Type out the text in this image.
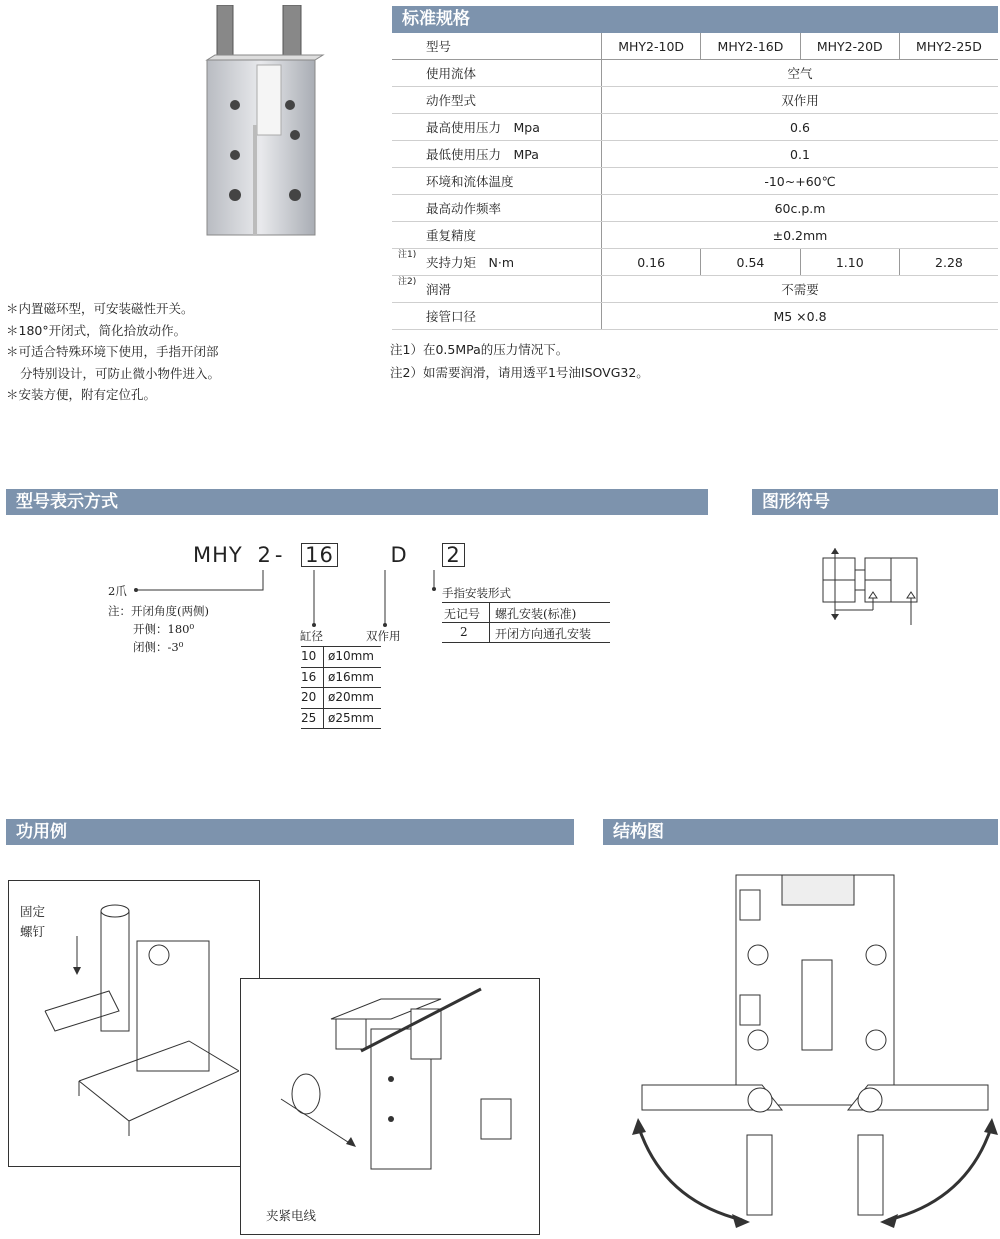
＊内置磁环型，可安装磁性开关。
＊180°开闭式，简化拾放动作。
＊可适合特殊环境下使用，手指开闭部分特别设计，可防止微小物件进入。
＊安装方便，附有定位孔。
标准规格
型号	MHY2-10D	MHY2-16D	MHY2-20D	MHY2-25D
使用流体	空气			
动作型式	双作用			
最高使用压力　Mpa	0.6			
最低使用压力　MPa	0.1			
环境和流体温度	-10~+60℃			
最高动作频率	60c.p.m			
重复精度	±0.2mm			

注1) 夹持力矩　N·m	0.16	0.54	1.10	2.28

注2) 润滑	不需要			
接管口径	M5 ×0.8			
注1）在0.5MPa的压力情况下。
注2）如需要润滑，请用透平1号油ISOVG32。
型号表示方式	图形符号
MHY 2 - 16	D 2
2爪
注：开闭角度(两侧)
开侧：180⁰
闭侧：-3⁰
缸径	双作用
10 ø10mm
16 ø16mm
20 ø20mm
25 ø25mm
手指安装形式
无记号 螺孔安装(标准)
2 开闭方向通孔安装
功用例	结构图
固定
螺钉
夹紧电线
